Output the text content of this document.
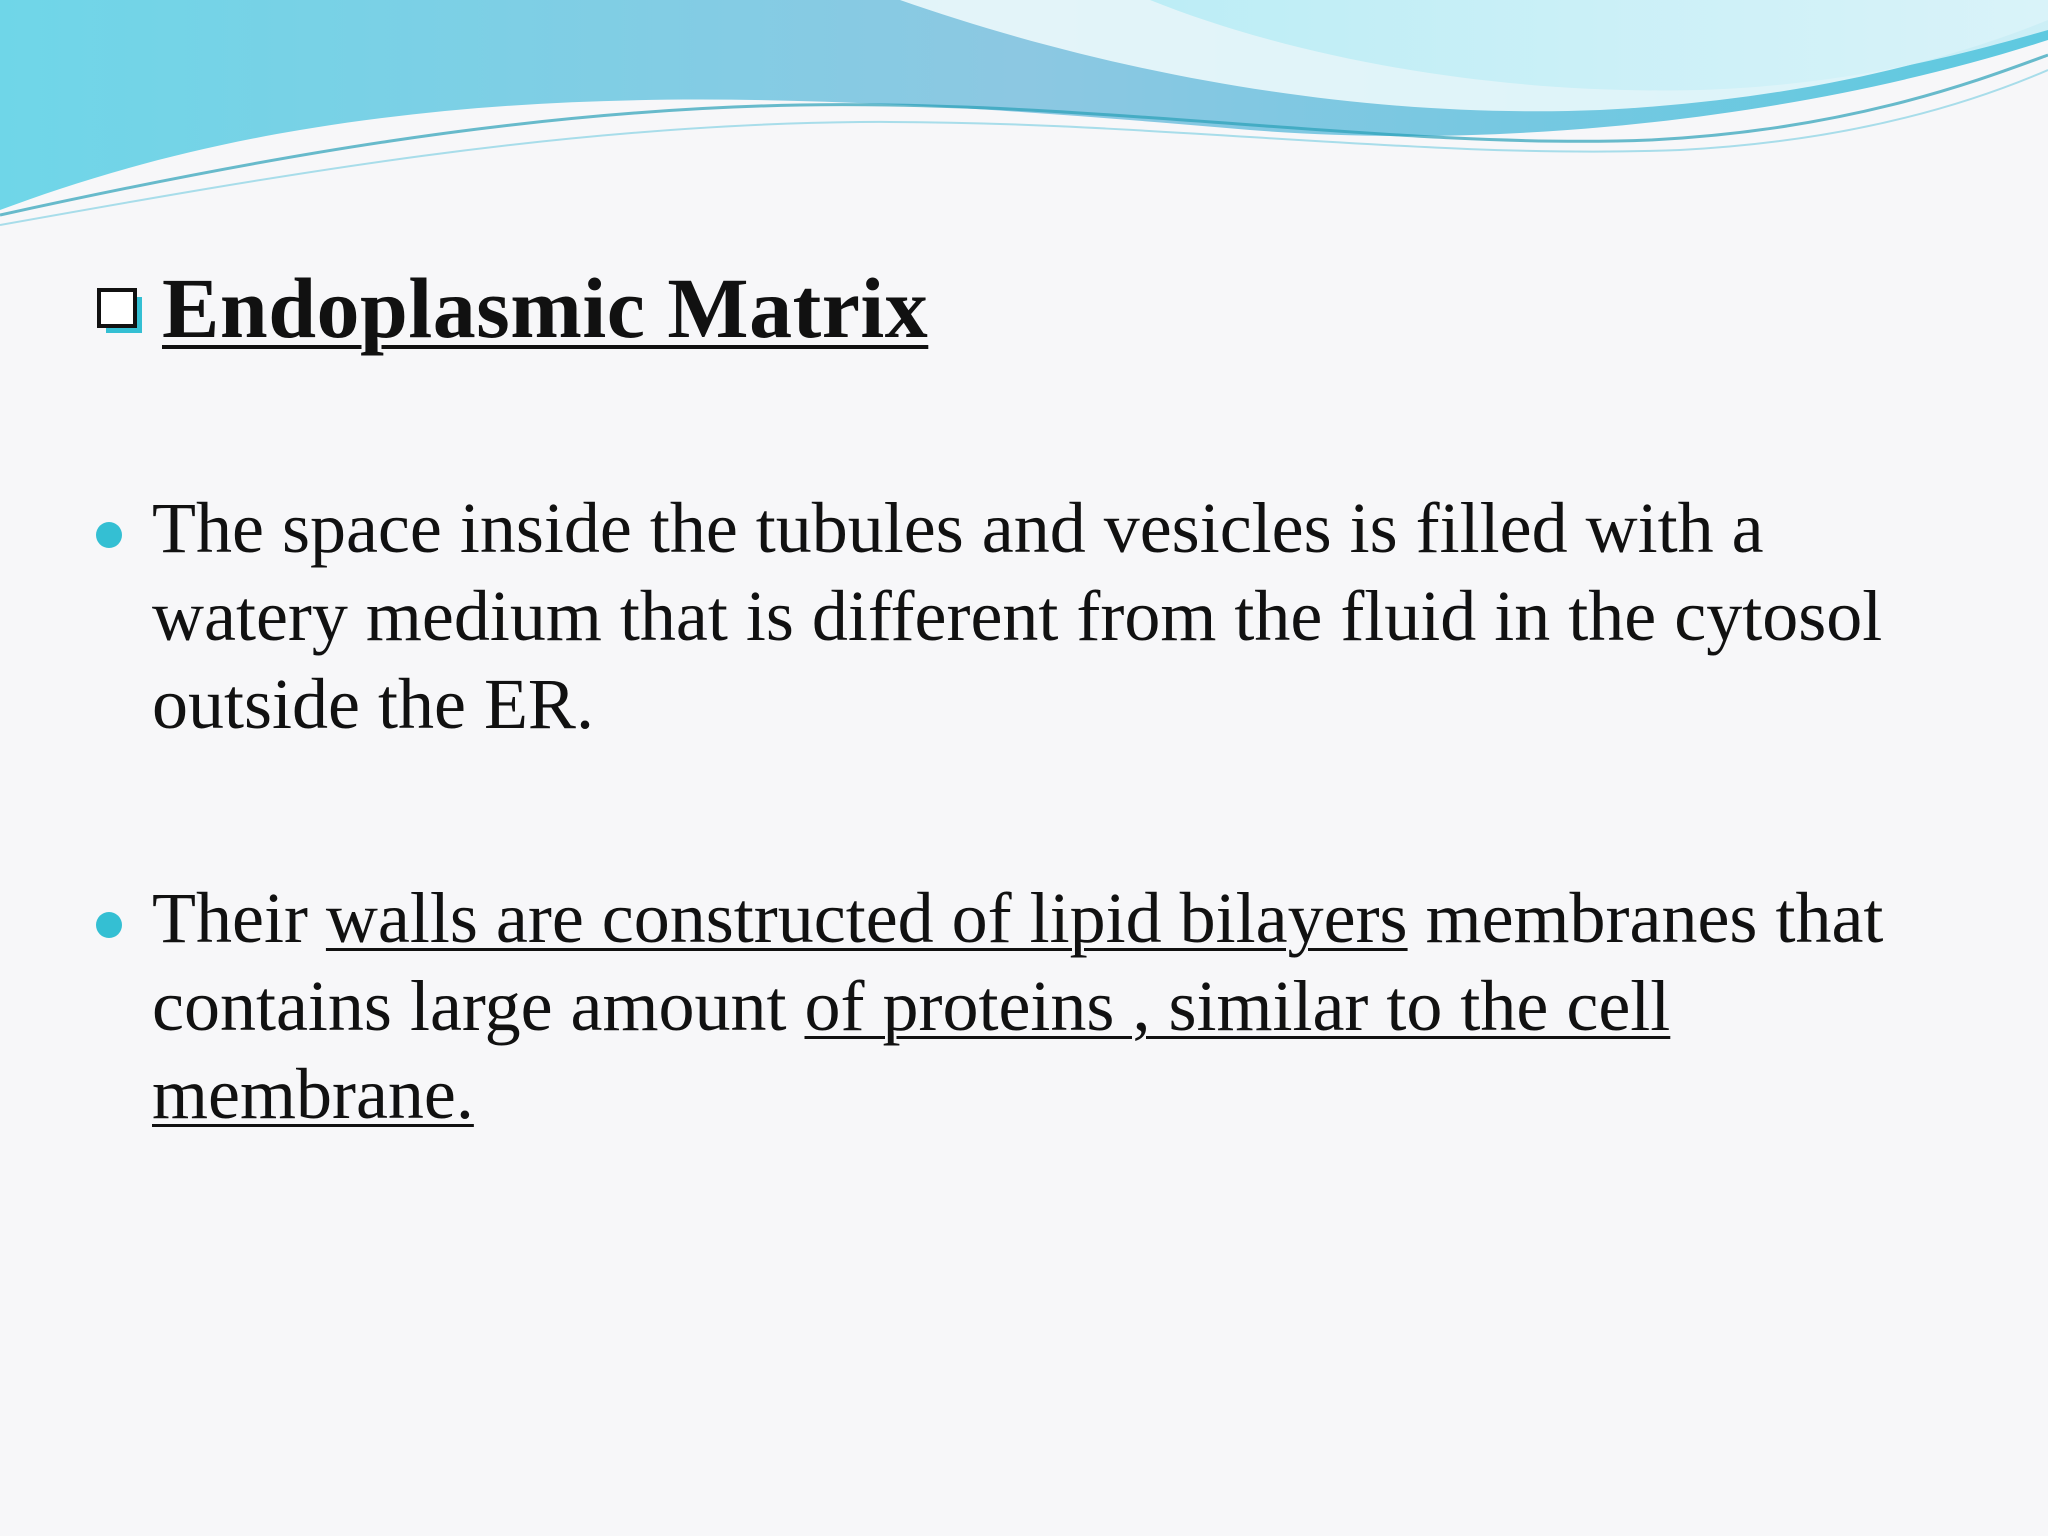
Endoplasmic Matrix
The space inside the tubules and vesicles is filled with a watery medium that is different from the fluid in the cytosol outside the ER.
Their walls are constructed of lipid bilayers membranes that contains large amount of proteins , similar to the cell membrane.
